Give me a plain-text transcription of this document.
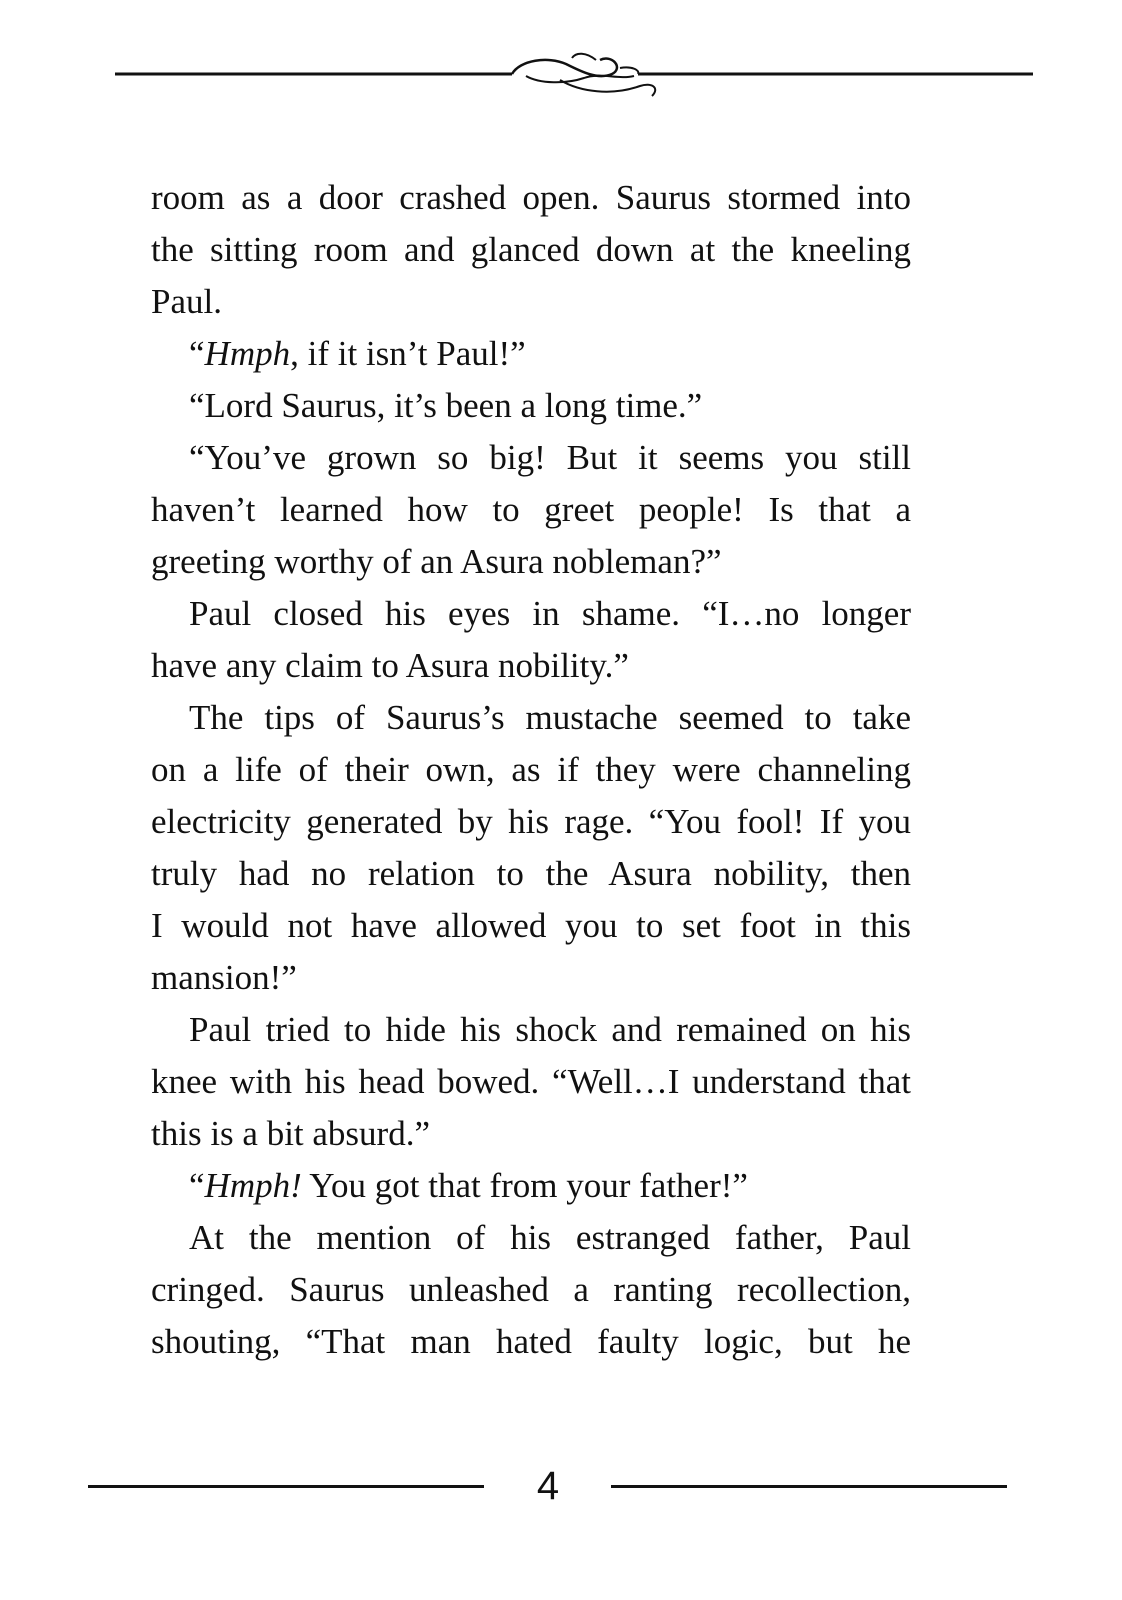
room as a door crashed open. Saurus stormed into
the sitting room and glanced down at the kneeling
Paul.
“Hmph, if it isn’t Paul!”
“Lord Saurus, it’s been a long time.”
“You’ve grown so big! But it seems you still
haven’t learned how to greet people! Is that a
greeting worthy of an Asura nobleman?”
Paul closed his eyes in shame. “I…no longer
have any claim to Asura nobility.”
The tips of Saurus’s mustache seemed to take
on a life of their own, as if they were channeling
electricity generated by his rage. “You fool! If you
truly had no relation to the Asura nobility, then
I would not have allowed you to set foot in this
mansion!”
Paul tried to hide his shock and remained on his
knee with his head bowed. “Well…I understand that
this is a bit absurd.”
“Hmph! You got that from your father!”
At the mention of his estranged father, Paul
cringed. Saurus unleashed a ranting recollection,
shouting, “That man hated faulty logic, but he
4
